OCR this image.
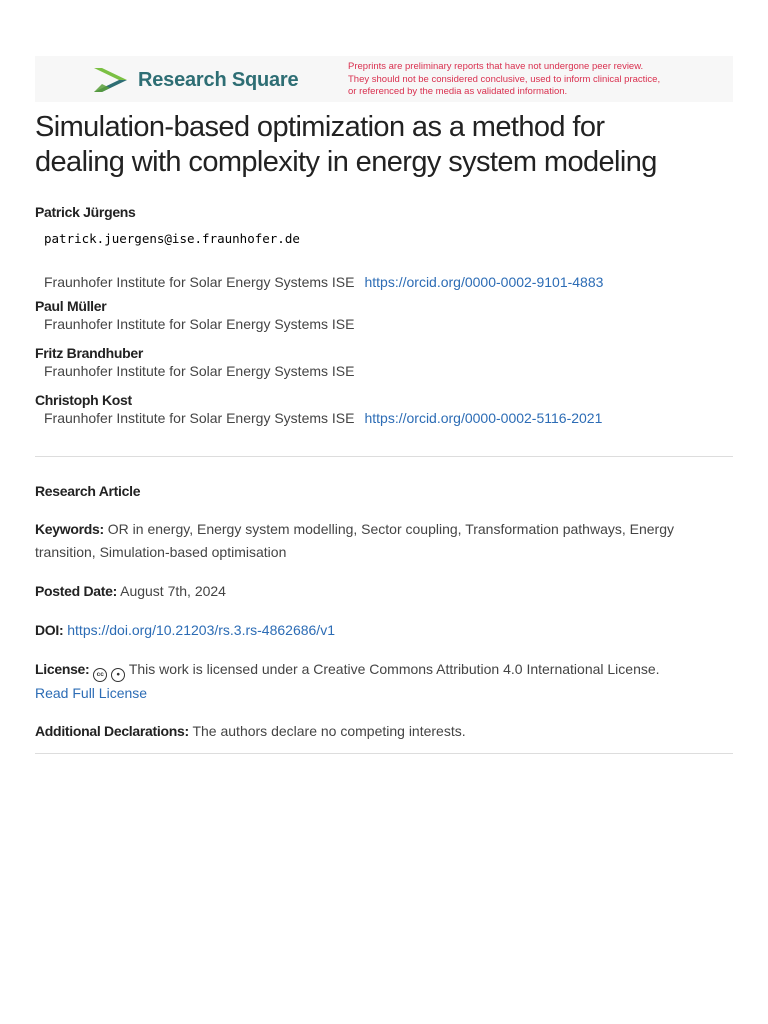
Research Square
Preprints are preliminary reports that have not undergone peer review.
They should not be considered conclusive, used to inform clinical practice,
or referenced by the media as validated information.
Simulation-based optimization as a method for
dealing with complexity in energy system modeling
Patrick Jürgens
patrick.juergens@ise.fraunhofer.de
Fraunhofer Institute for Solar Energy Systems ISE https://orcid.org/0000-0002-9101-4883
Paul Müller
Fraunhofer Institute for Solar Energy Systems ISE
Fritz Brandhuber
Fraunhofer Institute for Solar Energy Systems ISE
Christoph Kost
Fraunhofer Institute for Solar Energy Systems ISE https://orcid.org/0000-0002-5116-2021
Research Article
Keywords: OR in energy, Energy system modelling, Sector coupling, Transformation pathways, Energy
transition, Simulation-based optimisation
Posted Date: August 7th, 2024
DOI: https://doi.org/10.21203/rs.3.rs-4862686/v1
License: cc ● This work is licensed under a Creative Commons Attribution 4.0 International License.
Read Full License
Additional Declarations: The authors declare no competing interests.
